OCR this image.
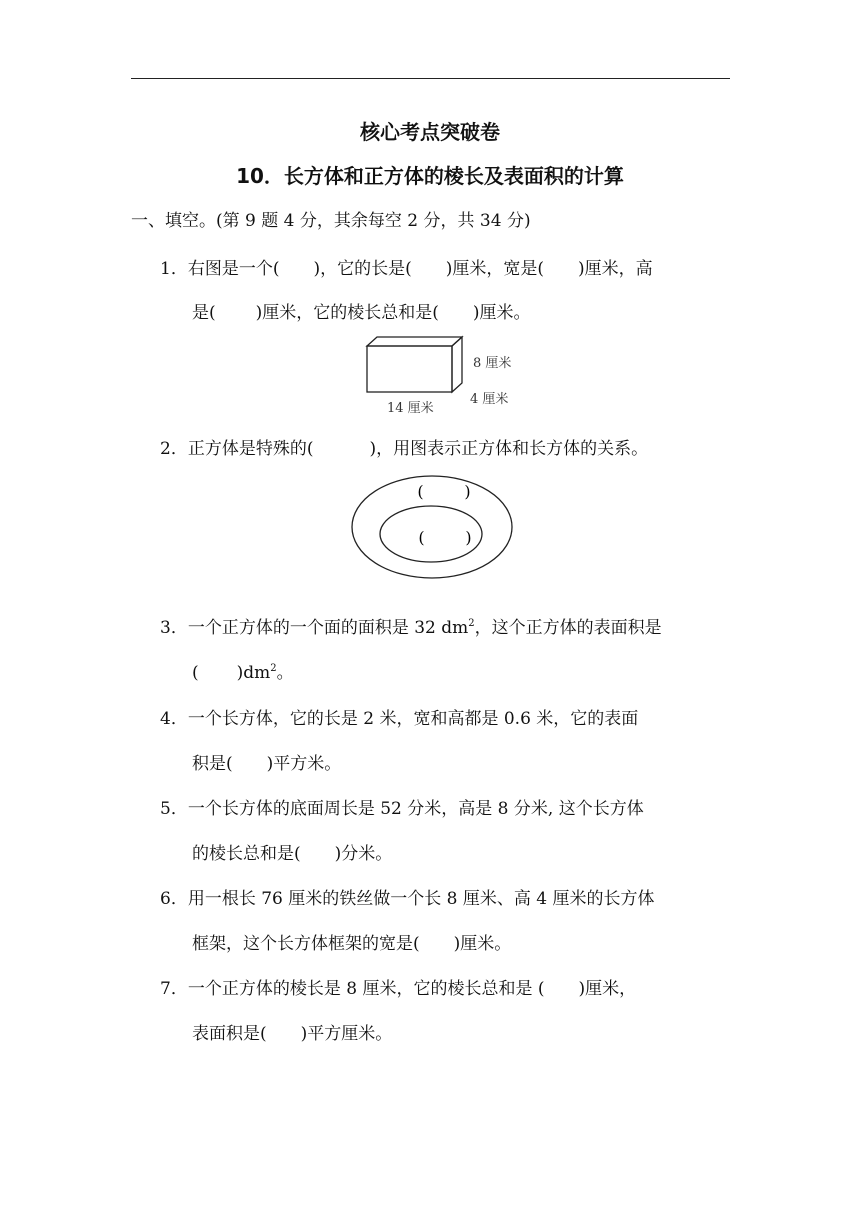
核心考点突破卷
10．长方体和正方体的棱长及表面积的计算
一、填空。(第 9 题 4 分，其余每空 2 分，共 34 分)
1．右图是一个( )，它的长是( )厘米，宽是( )厘米，高
是( )厘米，它的棱长总和是( )厘米。
8 厘米
4 厘米
14 厘米
2．正方体是特殊的(	)，用图表示正方体和长方体的关系。
(        )
(        )
3．一个正方体的一个面的面积是 32 $dm^2$，这个正方体的表面积是
( )$dm^2$。
4．一个长方体，它的长是 2 米，宽和高都是 0.6 米，它的表面
积是( )平方米。
5．一个长方体的底面周长是 52 分米，高是 8 分米, 这个长方体
的棱长总和是( )分米。
6．用一根长 76 厘米的铁丝做一个长 8 厘米、高 4 厘米的长方体
框架，这个长方体框架的宽是( )厘米。
7．一个正方体的棱长是 8 厘米，它的棱长总和是 ( )厘米，
表面积是( )平方厘米。
